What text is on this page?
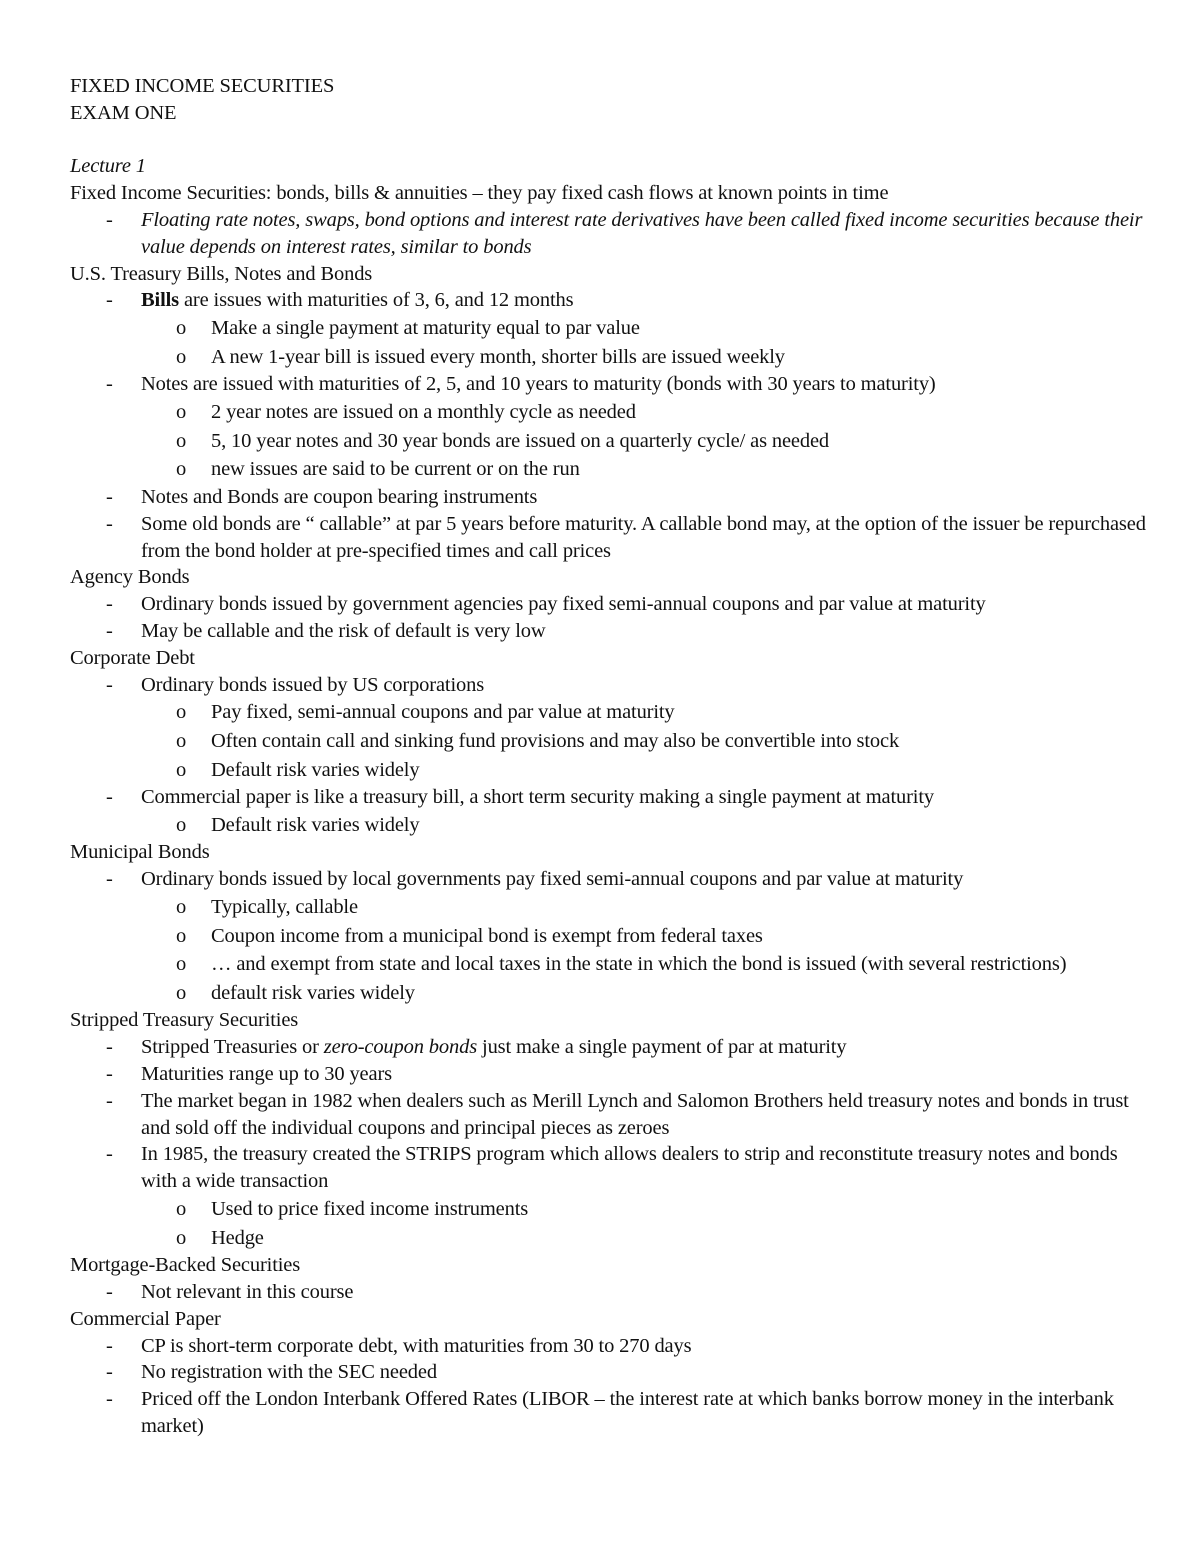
FIXED INCOME SECURITIES
EXAM ONE
Lecture 1
Fixed Income Securities: bonds, bills & annuities – they pay fixed cash flows at known points in time
-	Floating rate notes, swaps, bond options and interest rate derivatives have been called fixed income securities because their value depends on interest rates, similar to bonds
U.S. Treasury Bills, Notes and Bonds
-	Bills are issues with maturities of 3, 6, and 12 months
o	Make a single payment at maturity equal to par value
o	A new 1-year bill is issued every month, shorter bills are issued weekly
-	Notes are issued with maturities of 2, 5, and 10 years to maturity (bonds with 30 years to maturity)
o	2 year notes are issued on a monthly cycle as needed
o	5, 10 year notes and 30 year bonds are issued on a quarterly cycle/ as needed
o	new issues are said to be current or on the run
-	Notes and Bonds are coupon bearing instruments
-	Some old bonds are “ callable” at par 5 years before maturity. A callable bond may, at the option of the issuer be repurchased from the bond holder at pre-specified times and call prices
Agency Bonds
-	Ordinary bonds issued by government agencies pay fixed semi-annual coupons and par value at maturity
-	May be callable and the risk of default is very low
Corporate Debt
-	Ordinary bonds issued by US corporations
o	Pay fixed, semi-annual coupons and par value at maturity
o	Often contain call and sinking fund provisions and may also be convertible into stock
o	Default risk varies widely
-	Commercial paper is like a treasury bill, a short term security making a single payment at maturity
o	Default risk varies widely
Municipal Bonds
-	Ordinary bonds issued by local governments pay fixed semi-annual coupons and par value at maturity
o	Typically, callable
o	Coupon income from a municipal bond is exempt from federal taxes
o	… and exempt from state and local taxes in the state in which the bond is issued (with several restrictions)
o	default risk varies widely
Stripped Treasury Securities
-	Stripped Treasuries or zero-coupon bonds just make a single payment of par at maturity
-	Maturities range up to 30 years
-	The market began in 1982 when dealers such as Merill Lynch and Salomon Brothers held treasury notes and bonds in trust and sold off the individual coupons and principal pieces as zeroes
-	In 1985, the treasury created the STRIPS program which allows dealers to strip and reconstitute treasury notes and bonds with a wide transaction
o	Used to price fixed income instruments
o	Hedge
Mortgage-Backed Securities
-	Not relevant in this course
Commercial Paper
-	CP is short-term corporate debt, with maturities from 30 to 270 days
-	No registration with the SEC needed
-	Priced off the London Interbank Offered Rates (LIBOR – the interest rate at which banks borrow money in the interbank market)
